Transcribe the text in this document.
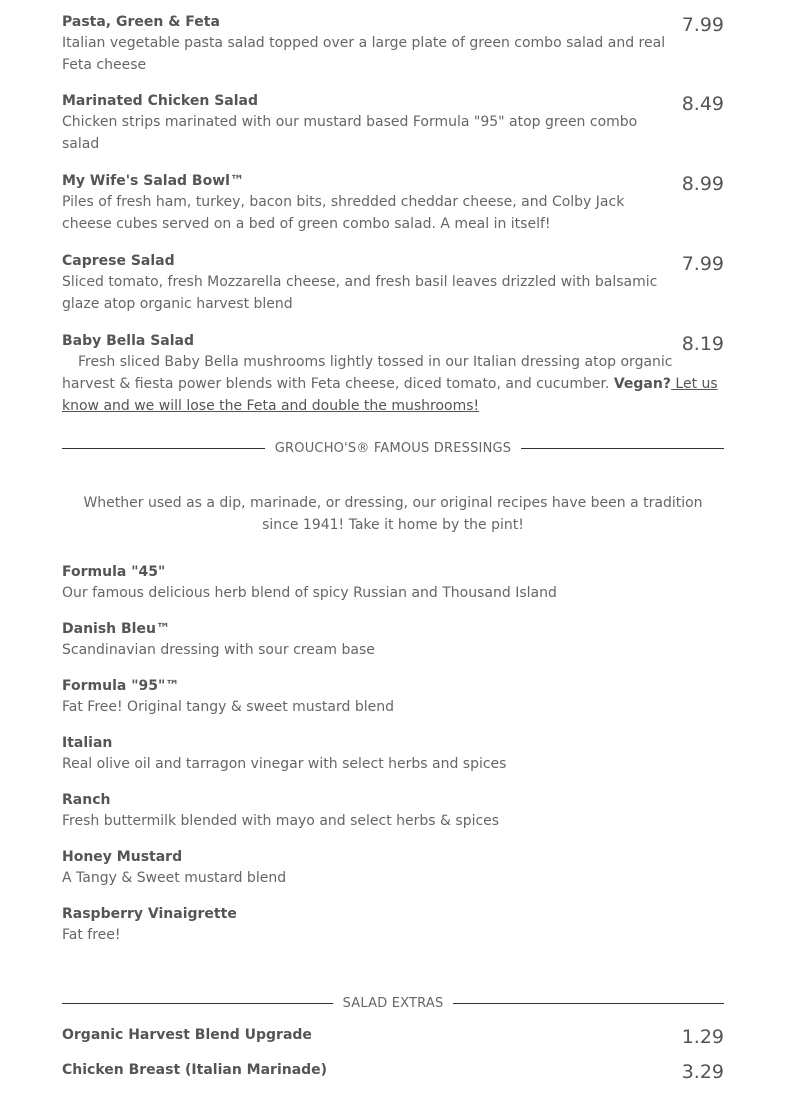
Pasta, Green & Feta
Italian vegetable pasta salad topped over a large plate of green combo salad and real Feta cheese
7.99
Marinated Chicken Salad
Chicken strips marinated with our mustard based Formula "95" atop green combo salad
8.49
My Wife's Salad Bowl™
Piles of fresh ham, turkey, bacon bits, shredded cheddar cheese, and Colby Jack cheese cubes served on a bed of green combo salad. A meal in itself!
8.99
Caprese Salad
Sliced tomato, fresh Mozzarella cheese, and fresh basil leaves drizzled with balsamic glaze atop organic harvest blend
7.99
Baby Bella Salad
Fresh sliced Baby Bella mushrooms lightly tossed in our Italian dressing atop organic harvest & fiesta power blends with Feta cheese, diced tomato, and cucumber. Vegan? Let us know and we will lose the Feta and double the mushrooms!
8.19
GROUCHO'S® FAMOUS DRESSINGS
Whether used as a dip, marinade, or dressing, our original recipes have been a tradition since 1941! Take it home by the pint!
Formula "45"
Our famous delicious herb blend of spicy Russian and Thousand Island
Danish Bleu™
Scandinavian dressing with sour cream base
Formula "95"™
Fat Free! Original tangy & sweet mustard blend
Italian
Real olive oil and tarragon vinegar with select herbs and spices
Ranch
Fresh buttermilk blended with mayo and select herbs & spices
Honey Mustard
A Tangy & Sweet mustard blend
Raspberry Vinaigrette
Fat free!
SALAD EXTRAS
Organic Harvest Blend Upgrade	1.29
Chicken Breast (Italian Marinade)	3.29
